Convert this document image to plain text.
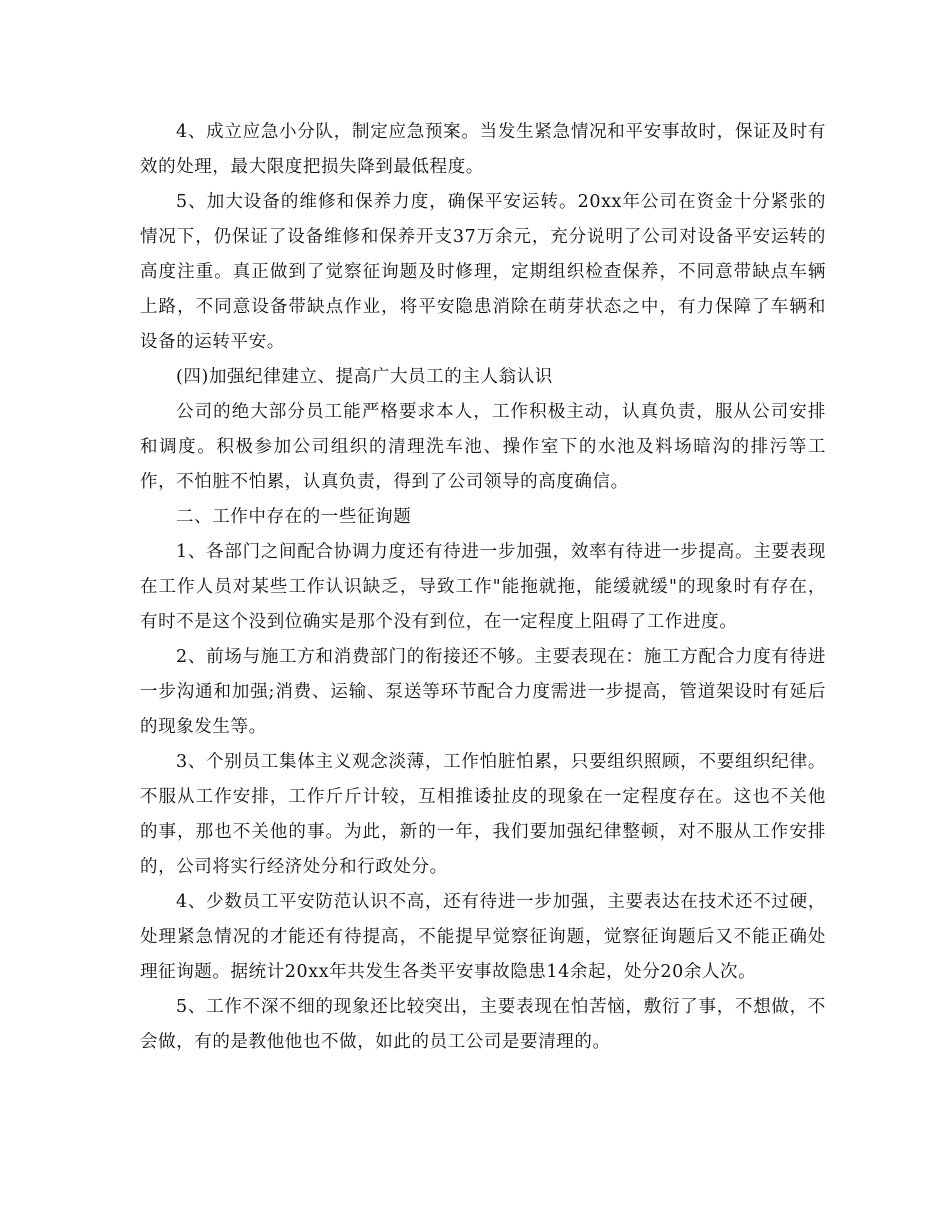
4、成立应急小分队，制定应急预案。当发生紧急情况和平安事故时，保证及时有效的处理，最大限度把损失降到最低程度。

5、加大设备的维修和保养力度，确保平安运转。20xx年公司在资金十分紧张的情况下，仍保证了设备维修和保养开支37万余元，充分说明了公司对设备平安运转的高度注重。真正做到了觉察征询题及时修理，定期组织检查保养，不同意带缺点车辆上路，不同意设备带缺点作业，将平安隐患消除在萌芽状态之中，有力保障了车辆和设备的运转平安。

(四)加强纪律建立、提高广大员工的主人翁认识

公司的绝大部分员工能严格要求本人，工作积极主动，认真负责，服从公司安排和调度。积极参加公司组织的清理洗车池、操作室下的水池及料场暗沟的排污等工作，不怕脏不怕累，认真负责，得到了公司领导的高度确信。

二、工作中存在的一些征询题

1、各部门之间配合协调力度还有待进一步加强，效率有待进一步提高。主要表现在工作人员对某些工作认识缺乏，导致工作"能拖就拖，能缓就缓"的现象时有存在，有时不是这个没到位确实是那个没有到位，在一定程度上阻碍了工作进度。

2、前场与施工方和消费部门的衔接还不够。主要表现在：施工方配合力度有待进一步沟通和加强;消费、运输、泵送等环节配合力度需进一步提高，管道架设时有延后的现象发生等。

3、个别员工集体主义观念淡薄，工作怕脏怕累，只要组织照顾，不要组织纪律。不服从工作安排，工作斤斤计较，互相推诿扯皮的现象在一定程度存在。这也不关他的事，那也不关他的事。为此，新的一年，我们要加强纪律整顿，对不服从工作安排的，公司将实行经济处分和行政处分。

4、少数员工平安防范认识不高，还有待进一步加强，主要表达在技术还不过硬，处理紧急情况的才能还有待提高，不能提早觉察征询题，觉察征询题后又不能正确处理征询题。据统计20xx年共发生各类平安事故隐患14余起，处分20余人次。

5、工作不深不细的现象还比较突出，主要表现在怕苦恼，敷衍了事，不想做，不会做，有的是教他他也不做，如此的员工公司是要清理的。
